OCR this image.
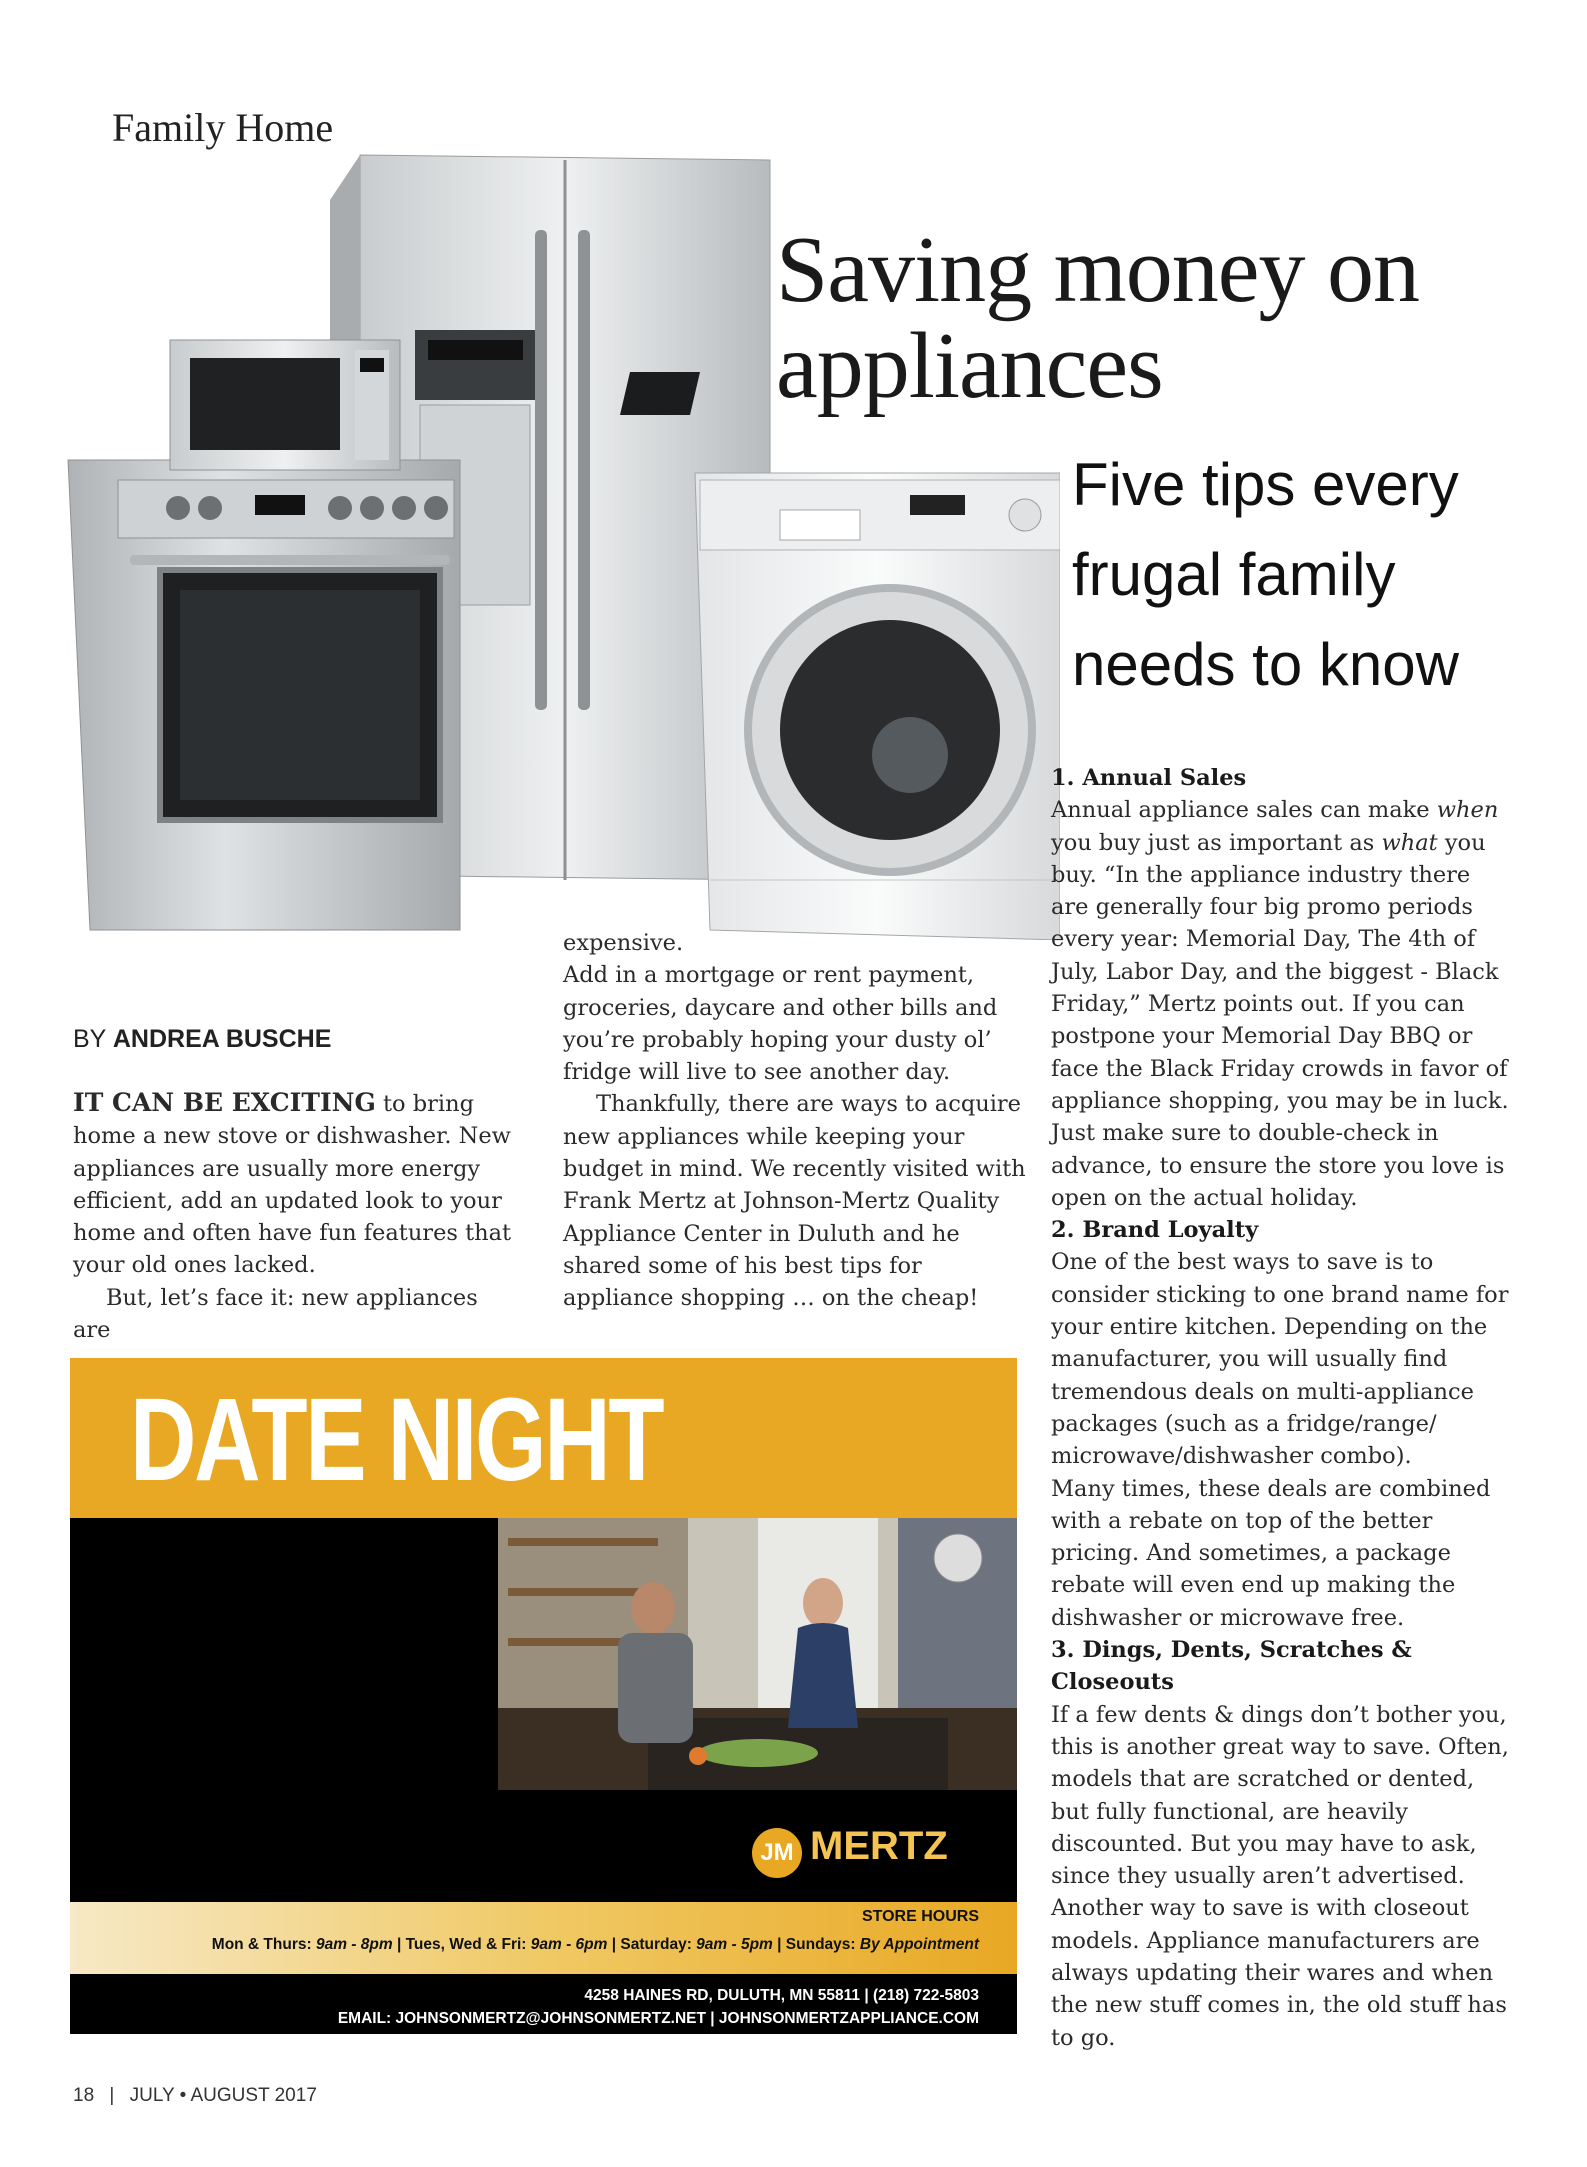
Family Home
Saving money on
appliances
Five tips every
frugal family
needs to know
BY ANDREA BUSCHE

IT CAN BE EXCITING to bring home a new stove or dishwasher. New appliances are usually more energy efficient, add an updated look to your home and often have fun features that your old ones lacked.

But, let’s face it: new appliances are

expensive.

Add in a mortgage or rent payment, groceries, daycare and other bills and you’re probably hoping your dusty ol’ fridge will live to see another day.

Thankfully, there are ways to acquire new appliances while keeping your budget in mind. We recently visited with Frank Mertz at Johnson-Mertz Quality Appliance Center in Duluth and he shared some of his best tips for appliance shopping … on the cheap!

1. Annual Sales

Annual appliance sales can make when you buy just as important as what you buy. “In the appliance industry there are generally four big promo periods every year: Memorial Day, The 4th of July, Labor Day, and the biggest - Black Friday,” Mertz points out. If you can postpone your Memorial Day BBQ or face the Black Friday crowds in favor of appliance shopping, you may be in luck. Just make sure to double-check in advance, to ensure the store you love is open on the actual holiday.

2. Brand Loyalty

One of the best ways to save is to consider sticking to one brand name for your entire kitchen. Depending on the manufacturer, you will usually find tremendous deals on multi-appliance packages (such as a fridge/range/ microwave/dishwasher combo).

Many times, these deals are combined with a rebate on top of the better pricing. And sometimes, a package rebate will even end up making the dishwasher or microwave free.

3. Dings, Dents, Scratches & Closeouts

If a few dents & dings don’t bother you, this is another great way to save. Often, models that are scratched or dented, but fully functional, are heavily discounted. But you may have to ask, since they usually aren’t advertised.

Another way to save is with closeout models. Appliance manufacturers are always updating their wares and when the new stuff comes in, the old stuff has to go.

DATE NIGHT
JM MERTZ
STORE HOURS
Mon & Thurs: 9am - 8pm | Tues, Wed & Fri: 9am - 6pm | Saturday: 9am - 5pm | Sundays: By Appointment
4258 HAINES RD, DULUTH, MN 55811 | (218) 722-5803
EMAIL: JOHNSONMERTZ@JOHNSONMERTZ.NET | JOHNSONMERTZAPPLIANCE.COM
18 | JULY • AUGUST 2017
